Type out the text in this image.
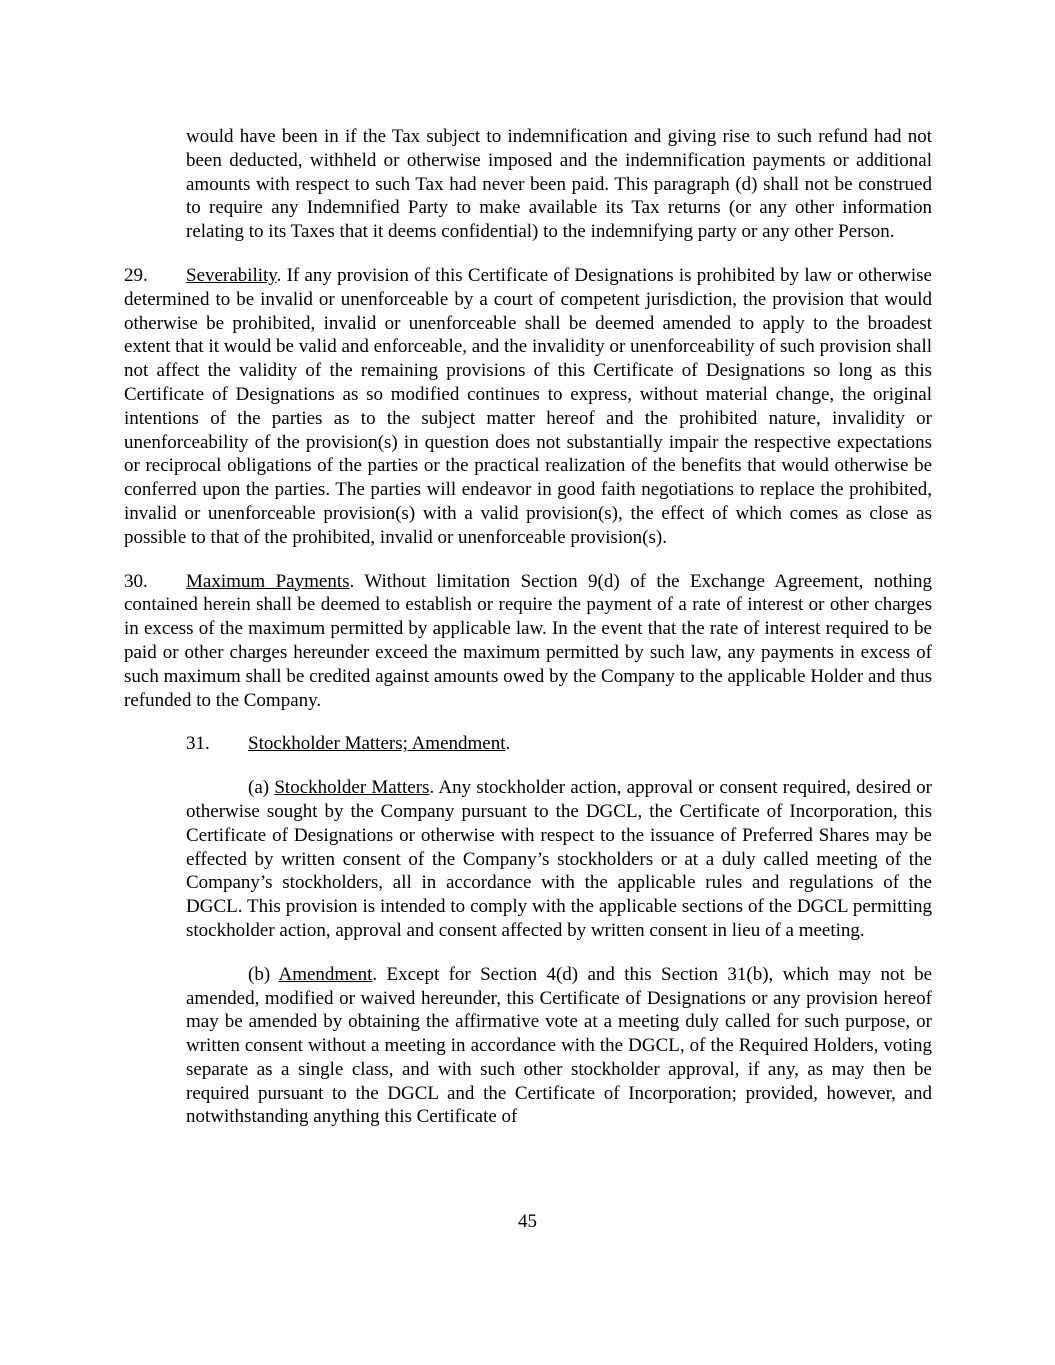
would have been in if the Tax subject to indemnification and giving rise to such refund had not been deducted, withheld or otherwise imposed and the indemnification payments or additional amounts with respect to such Tax had never been paid. This paragraph (d) shall not be construed to require any Indemnified Party to make available its Tax returns (or any other information relating to its Taxes that it deems confidential) to the indemnifying party or any other Person.

29. Severability. If any provision of this Certificate of Designations is prohibited by law or otherwise determined to be invalid or unenforceable by a court of competent jurisdiction, the provision that would otherwise be prohibited, invalid or unenforceable shall be deemed amended to apply to the broadest extent that it would be valid and enforceable, and the invalidity or unenforceability of such provision shall not affect the validity of the remaining provisions of this Certificate of Designations so long as this Certificate of Designations as so modified continues to express, without material change, the original intentions of the parties as to the subject matter hereof and the prohibited nature, invalidity or unenforceability of the provision(s) in question does not substantially impair the respective expectations or reciprocal obligations of the parties or the practical realization of the benefits that would otherwise be conferred upon the parties. The parties will endeavor in good faith negotiations to replace the prohibited, invalid or unenforceable provision(s) with a valid provision(s), the effect of which comes as close as possible to that of the prohibited, invalid or unenforceable provision(s).

30. Maximum Payments. Without limitation Section 9(d) of the Exchange Agreement, nothing contained herein shall be deemed to establish or require the payment of a rate of interest or other charges in excess of the maximum permitted by applicable law. In the event that the rate of interest required to be paid or other charges hereunder exceed the maximum permitted by such law, any payments in excess of such maximum shall be credited against amounts owed by the Company to the applicable Holder and thus refunded to the Company.

31. Stockholder Matters; Amendment.

(a) Stockholder Matters. Any stockholder action, approval or consent required, desired or otherwise sought by the Company pursuant to the DGCL, the Certificate of Incorporation, this Certificate of Designations or otherwise with respect to the issuance of Preferred Shares may be effected by written consent of the Company’s stockholders or at a duly called meeting of the Company’s stockholders, all in accordance with the applicable rules and regulations of the DGCL. This provision is intended to comply with the applicable sections of the DGCL permitting stockholder action, approval and consent affected by written consent in lieu of a meeting.

(b) Amendment. Except for Section 4(d) and this Section 31(b), which may not be amended, modified or waived hereunder, this Certificate of Designations or any provision hereof may be amended by obtaining the affirmative vote at a meeting duly called for such purpose, or written consent without a meeting in accordance with the DGCL, of the Required Holders, voting separate as a single class, and with such other stockholder approval, if any, as may then be required pursuant to the DGCL and the Certificate of Incorporation; provided, however, and notwithstanding anything this Certificate of

45
